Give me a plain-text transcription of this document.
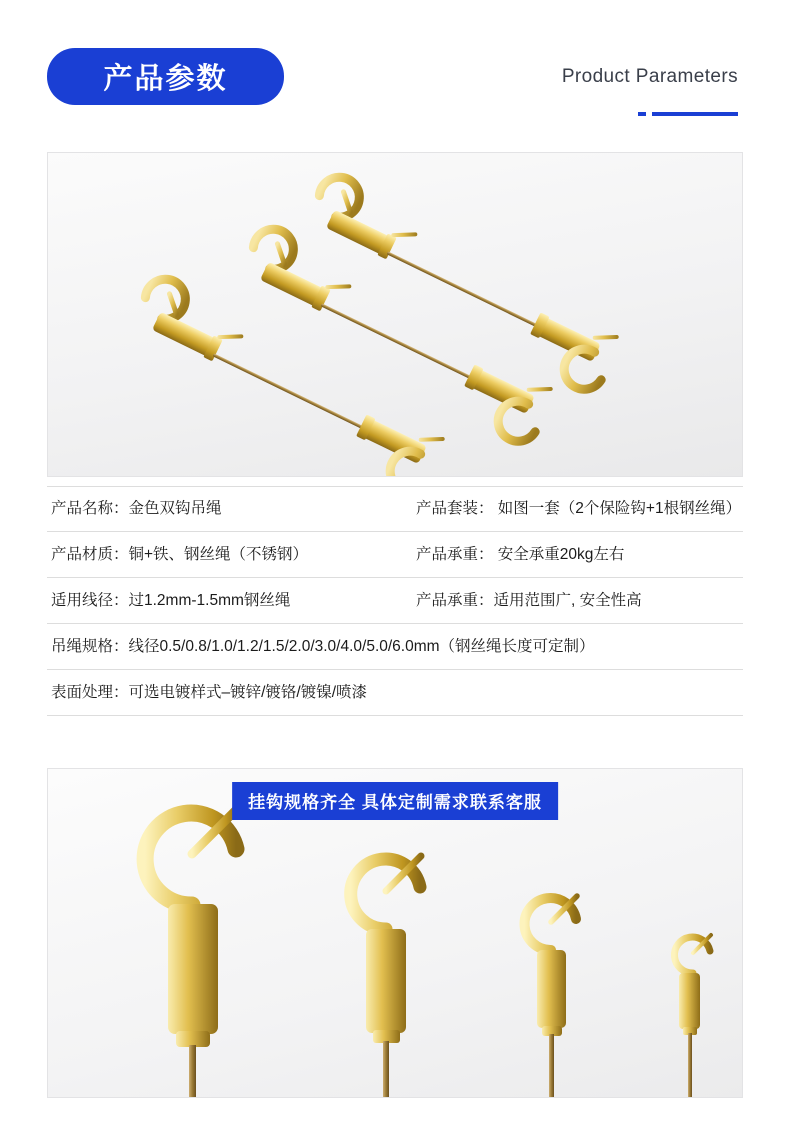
产品参数	Product Parameters
产品名称：金色双钩吊绳	产品套装： 如图一套（2个保险钩+1根钢丝绳）
产品材质：铜+铁、钢丝绳（不锈钢）	产品承重： 安全承重20kg左右
适用线径：过1.2mm-1.5mm钢丝绳	产品承重：适用范围广, 安全性高
吊绳规格：线径0.5/0.8/1.0/1.2/1.5/2.0/3.0/4.0/5.0/6.0mm（钢丝绳长度可定制）
表面处理：可选电镀样式–镀锌/镀铬/镀镍/喷漆
挂钩规格齐全 具体定制需求联系客服
